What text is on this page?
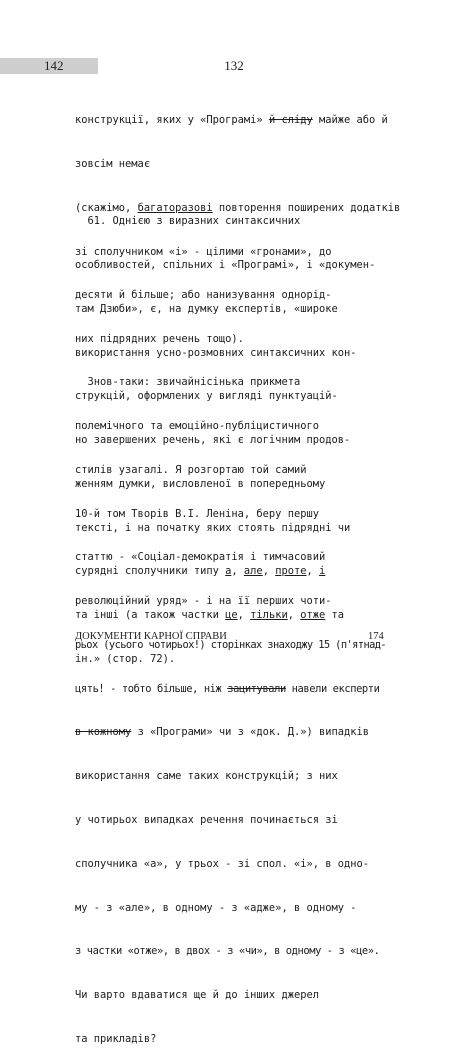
142	132

конструкції, яких у «Програмі» й сліду майже або й

зовсім немає

(скажімо, багаторазові повторення поширених додатків

зі сполучником «і» - цілими «гронами», до

десяти й більше; або нанизування однорід-

них підрядних речень тощо).

61. Однією з виразних синтаксичних

особливостей, спільних і «Програмі», і «докумен-

там Дзюби», є, на думку експертів, «широке

використання усно-розмовних синтаксичних кон-

струкцій, оформлених у вигляді пунктуацій-

но завершених речень, які є логічним продов-

женням думки, висловленої в попередньому

тексті, і на початку яких стоять підрядні чи

сурядні сполучники типу а, але, проте, і

та інші (а також частки це, тільки, отже та

ін.» (стор. 72).

Знов-таки: звичайнісінька прикмета

полемічного та емоційно-публіцистичного

стилів узагалі. Я розгортаю той самий

10-й том Творів В.І. Леніна, беру першу

статтю - «Соціал-демократія і тимчасовий

революційний уряд» - і на її перших чоти-

рьох (усього чотирьох!) сторінках знаходжу 15 (п'ятнад-

цять! - тобто більше, ніж зацитували навели експерти

в кожному з «Програми» чи з «док. Д.») випадків

використання саме таких конструкцій; з них

у чотирьох випадках речення починається зі

сполучника «а», у трьох - зі спол. «і», в одно-

му - з «але», в одному - з «адже», в одному -

з частки «отже», в двох - з «чи», в одному - з «це».

Чи варто вдаватися ще й до інших джерел

та прикладів?

ДОКУМЕНТИ КАРНОЇ СПРАВИ	174
